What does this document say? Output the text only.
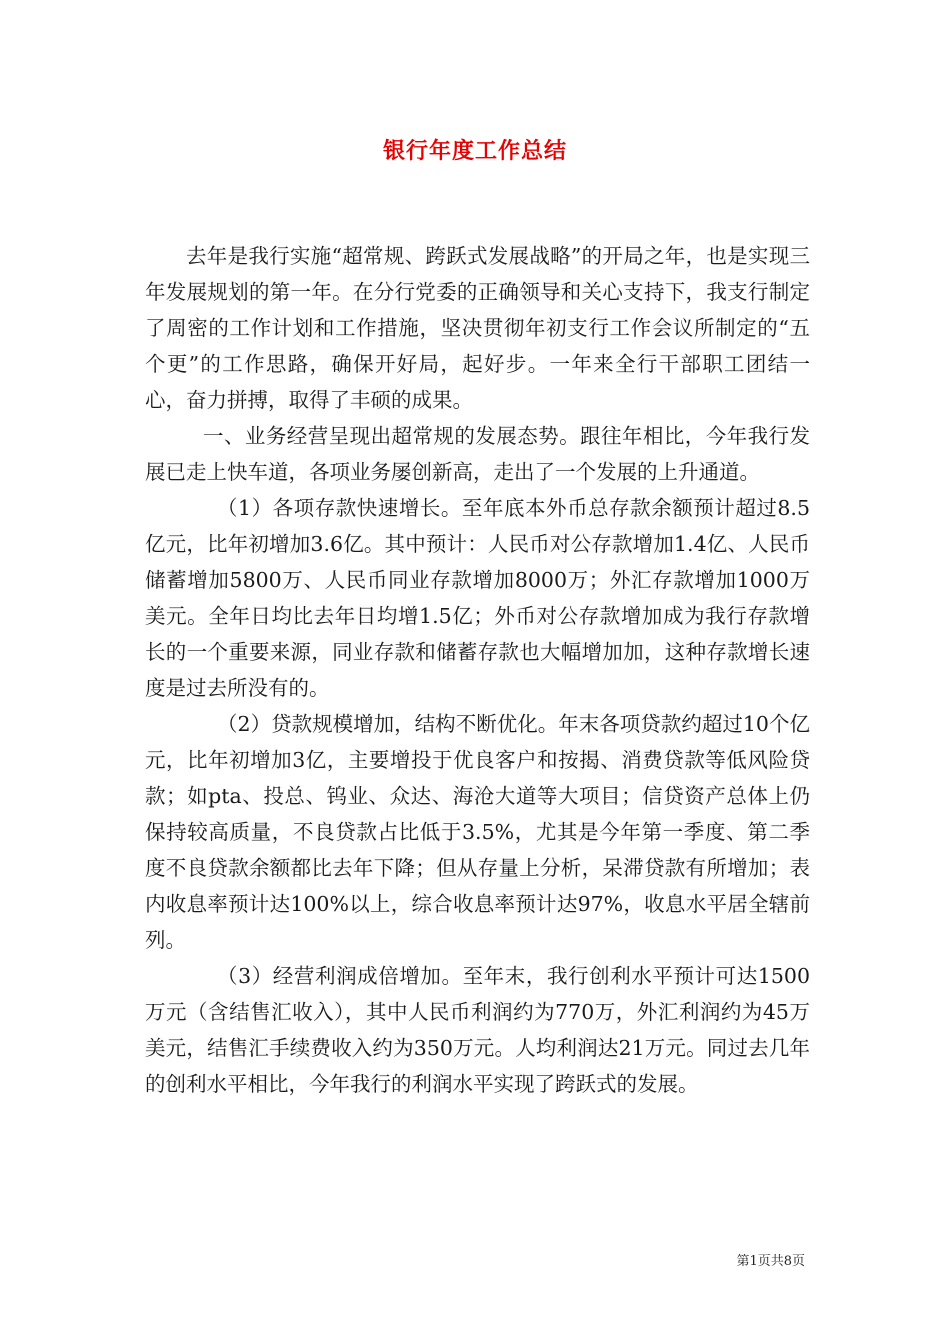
银行年度工作总结

去年是我行实施“超常规、跨跃式发展战略”的开局之年，也是实现三年发展规划的第一年。在分行党委的正确领导和关心支持下，我支行制定了周密的工作计划和工作措施，坚决贯彻年初支行工作会议所制定的“五个更”的工作思路，确保开好局，起好步。一年来全行干部职工团结一心，奋力拼搏，取得了丰硕的成果。

一、业务经营呈现出超常规的发展态势。跟往年相比，今年我行发展已走上快车道，各项业务屡创新高，走出了一个发展的上升通道。

（1）各项存款快速增长。至年底本外币总存款余额预计超过8.5亿元，比年初增加3.6亿。其中预计：人民币对公存款增加1.4亿、人民币储蓄增加5800万、人民币同业存款增加8000万；外汇存款增加1000万美元。全年日均比去年日均增1.5亿；外币对公存款增加成为我行存款增长的一个重要来源，同业存款和储蓄存款也大幅增加加，这种存款增长速度是过去所没有的。

（2）贷款规模增加，结构不断优化。年末各项贷款约超过10个亿元，比年初增加3亿，主要增投于优良客户和按揭、消费贷款等低风险贷款；如pta、投总、钨业、众达、海沧大道等大项目；信贷资产总体上仍保持较高质量，不良贷款占比低于3.5%，尤其是今年第一季度、第二季度不良贷款余额都比去年下降；但从存量上分析，呆滞贷款有所增加；表内收息率预计达100%以上，综合收息率预计达97%，收息水平居全辖前列。

（3）经营利润成倍增加。至年末，我行创利水平预计可达1500万元（含结售汇收入），其中人民币利润约为770万，外汇利润约为45万美元，结售汇手续费收入约为350万元。人均利润达21万元。同过去几年的创利水平相比，今年我行的利润水平实现了跨跃式的发展。

第1页共8页
